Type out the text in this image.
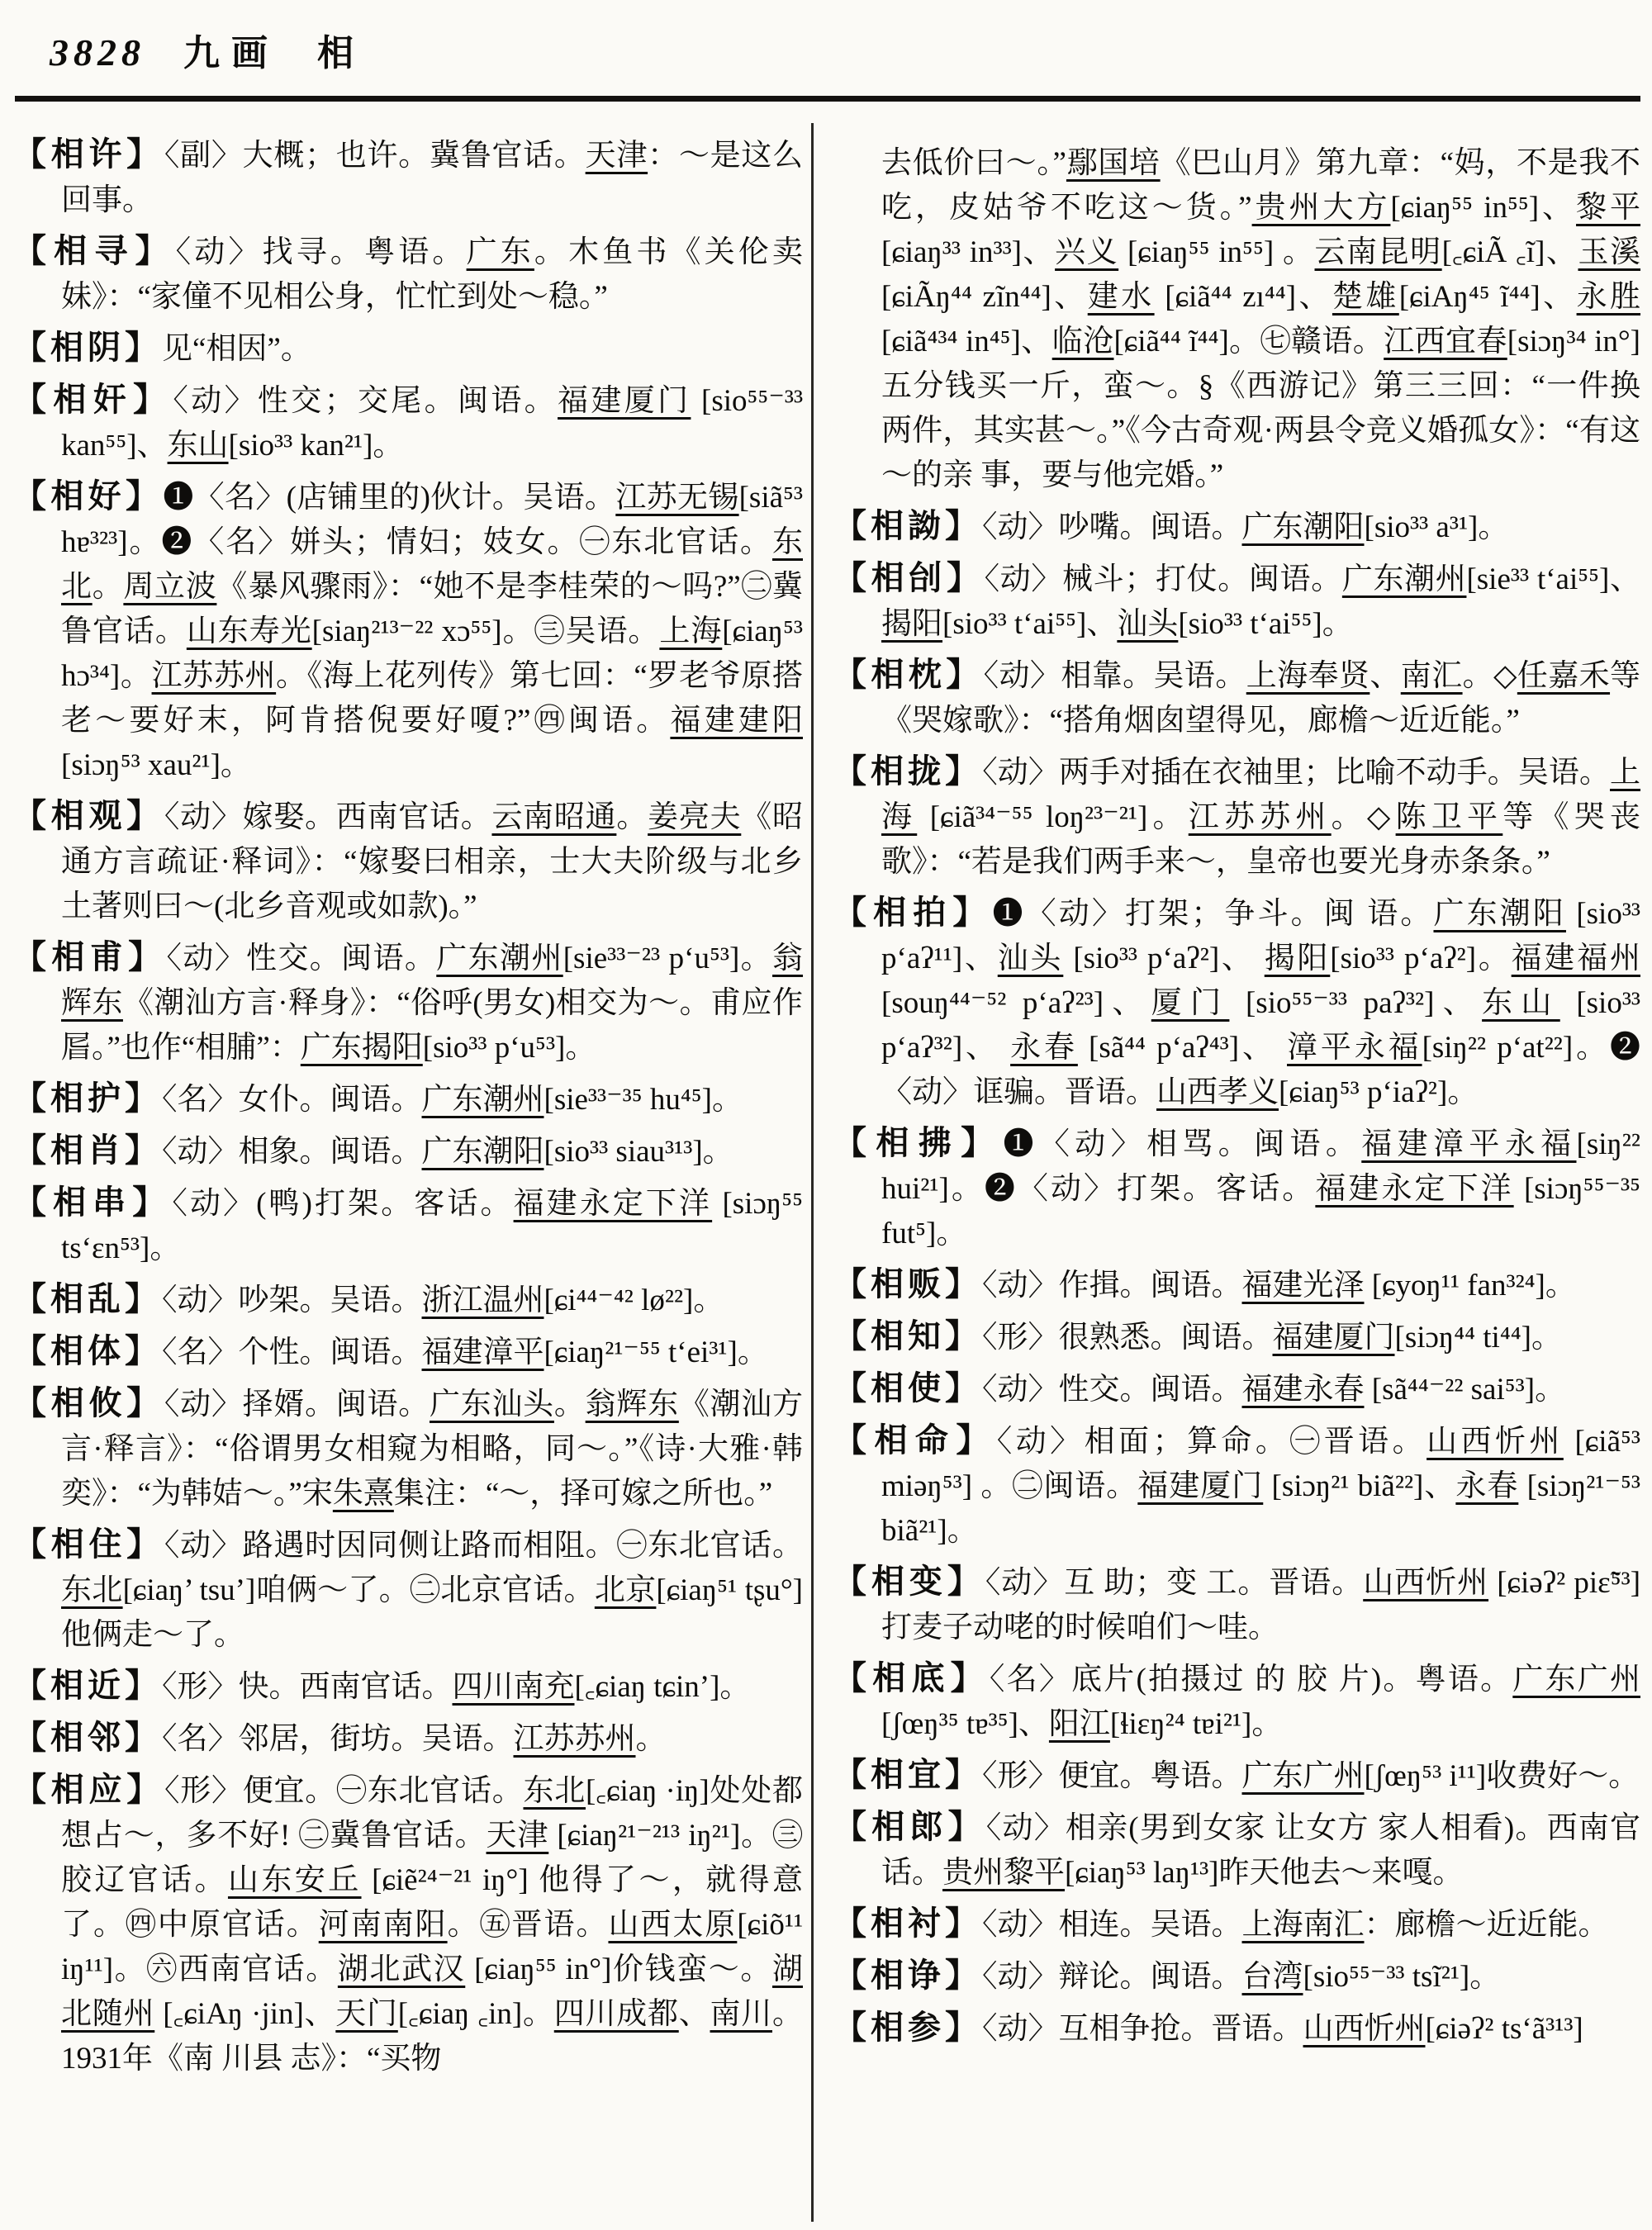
3828 九画 相
【相许】〈副〉大概；也许。冀鲁官话。天津：～是这么回事。
【相寻】〈动〉找寻。粤语。广东。木鱼书《关伦卖妹》：“家僮不见相公身，忙忙到处～稳。”
【相阴】见“相因”。
【相奸】〈动〉性交；交尾。闽语。福建厦门 [sio⁵⁵⁻³³ kan⁵⁵]、东山[sio³³ kan²¹]。
【相好】❶〈名〉(店铺里的)伙计。吴语。江苏无锡[siã⁵³ hɐ³²³]。❷〈名〉姘头；情妇；妓女。㊀东北官话。东北。周立波《暴风骤雨》：“她不是李桂荣的～吗?”㊁冀鲁官话。山东寿光[siaŋ²¹³⁻²² xɔ⁵⁵]。㊂吴语。上海[ɕiaŋ⁵³ hɔ³⁴]。江苏苏州。《海上花列传》第七回：“罗老爷原搭老～要好末，阿肯搭倪要好嗄?”㊃闽语。福建建阳[siɔŋ⁵³ xau²¹]。
【相观】〈动〉嫁娶。西南官话。云南昭通。姜亮夫《昭通方言疏证·释词》：“嫁娶曰相亲，士大夫阶级与北乡土著则曰～(北乡音观或如款)。”
【相甫】〈动〉性交。闽语。广东潮州[sie³³⁻²³ p‘u⁵³]。翁辉东《潮汕方言·释身》：“俗呼(男女)相交为～。甫应作㞓。”也作“相脯”：广东揭阳[sio³³ p‘u⁵³]。
【相护】〈名〉女仆。闽语。广东潮州[sie³³⁻³⁵ hu⁴⁵]。
【相肖】〈动〉相象。闽语。广东潮阳[sio³³ siau³¹³]。
【相串】〈动〉(鸭)打架。客话。福建永定下洋 [siɔŋ⁵⁵ ts‘ɛn⁵³]。
【相乱】〈动〉吵架。吴语。浙江温州[ɕi⁴⁴⁻⁴² lø²²]。
【相体】〈名〉个性。闽语。福建漳平[ɕiaŋ²¹⁻⁵⁵ t‘ei³¹]。
【相攸】〈动〉择婿。闽语。广东汕头。翁辉东《潮汕方言·释言》：“俗谓男女相窥为相略，同～。”《诗·大雅·韩奕》：“为韩姞～。”宋朱熹集注：“～，择可嫁之所也。”
【相住】〈动〉路遇时因同侧让路而相阻。㊀东北官话。东北[ɕiaŋ’ tsu’]咱俩～了。㊁北京官话。北京[ɕiaŋ⁵¹ tʂu°]他俩走～了。
【相近】〈形〉快。西南官话。四川南充[꜀ɕiaŋ tɕin’]。
【相邻】〈名〉邻居，街坊。吴语。江苏苏州。
【相应】〈形〉便宜。㊀东北官话。东北[꜀ɕiaŋ ·iŋ]处处都想占～，多不好! ㊁冀鲁官话。天津 [ɕiaŋ²¹⁻²¹³ iŋ²¹]。㊂胶辽官话。山东安丘 [ɕiẽ²⁴⁻²¹ iŋ°] 他得了～，就得意了。㊃中原官话。河南南阳。㊄晋语。山西太原[ɕiõ¹¹ iŋ¹¹]。㊅西南官话。湖北武汉 [ɕiaŋ⁵⁵ in°]价钱蛮～。湖北随州 [꜀ɕiAŋ ·jin]、天门[꜀ɕiaŋ ꜀in]。四川成都、南川。1931年《南 川县 志》：“买物
去低价曰～。”鄢国培《巴山月》第九章：“妈，不是我不吃，皮姑爷不吃这～货。”贵州大方[ɕiaŋ⁵⁵ in⁵⁵]、黎平 [ɕiaŋ³³ in³³]、兴义 [ɕiaŋ⁵⁵ in⁵⁵] 。云南昆明[꜀ɕiÃ ꜀ĩ]、玉溪[ɕiÃŋ⁴⁴ zĩn⁴⁴]、建水 [ɕiã⁴⁴ zı⁴⁴]、楚雄[ɕiAŋ⁴⁵ ĩ⁴⁴]、永胜[ɕiã⁴³⁴ in⁴⁵]、临沧[ɕiã⁴⁴ ĩ⁴⁴]。㊆赣语。江西宜春[siɔŋ³⁴ in°]五分钱买一斤，蛮～。§《西游记》第三三回：“一件换两件，其实甚～。”《今古奇观·两县令竞义婚孤女》：“有这～的亲 事，要与他完婚。”
【相詏】〈动〉吵嘴。闽语。广东潮阳[sio³³ a³¹]。
【相刣】〈动〉械斗；打仗。闽语。广东潮州[sie³³ t‘ai⁵⁵]、揭阳[sio³³ t‘ai⁵⁵]、汕头[sio³³ t‘ai⁵⁵]。
【相枕】〈动〉相靠。吴语。上海奉贤、南汇。◇任嘉禾等《哭嫁歌》：“搭角烟囱望得见，廊檐～近近能。”
【相拢】〈动〉两手对插在衣袖里；比喻不动手。吴语。上海 [ɕiã³⁴⁻⁵⁵ loŋ²³⁻²¹]。江苏苏州。◇陈卫平等《哭丧歌》：“若是我们两手来～，皇帝也要光身赤条条。”
【相拍】❶〈动〉打架；争斗。闽 语。广东潮阳 [sio³³ p‘aʔ¹¹]、汕头 [sio³³ p‘aʔ²]、 揭阳[sio³³ p‘aʔ²]。福建福州[souŋ⁴⁴⁻⁵² p‘aʔ²³]、厦门 [sio⁵⁵⁻³³ paʔ³²]、东山 [sio³³ p‘aʔ³²]、 永春 [sã⁴⁴ p‘aʔ⁴³]、 漳平永福[siŋ²² p‘at²²]。❷〈动〉诓骗。晋语。山西孝义[ɕiaŋ⁵³ p‘iaʔ²]。
【相拂】❶〈动〉相骂。闽语。福建漳平永福[siŋ²² hui²¹]。❷〈动〉打架。客话。福建永定下洋 [siɔŋ⁵⁵⁻³⁵ fut⁵]。
【相贩】〈动〉作揖。闽语。福建光泽 [ɕyoŋ¹¹ fan³²⁴]。
【相知】〈形〉很熟悉。闽语。福建厦门[siɔŋ⁴⁴ ti⁴⁴]。
【相使】〈动〉性交。闽语。福建永春 [sã⁴⁴⁻²² sai⁵³]。
【相命】〈动〉相面；算命。㊀晋语。山西忻州 [ɕiã⁵³ miəŋ⁵³] 。㊁闽语。福建厦门 [siɔŋ²¹ biã²²]、永春 [siɔŋ²¹⁻⁵³ biã²¹]。
【相变】〈动〉互 助；变 工。晋语。山西忻州 [ɕiəʔ² piɛ̃⁵³]打麦子动咾的时候咱们～哇。
【相底】〈名〉底片(拍摄过 的 胶 片)。粤语。广东广州[ʃœŋ³⁵ tɐ³⁵]、阳江[ɬiɛŋ²⁴ tɐi²¹]。
【相宜】〈形〉便宜。粤语。广东广州[ʃœŋ⁵³ i¹¹]收费好～。
【相郎】〈动〉相亲(男到女家 让女方 家人相看)。西南官话。贵州黎平[ɕiaŋ⁵³ laŋ¹³]昨天他去～来嘎。
【相衬】〈动〉相连。吴语。上海南汇：廊檐～近近能。
【相诤】〈动〉辩论。闽语。台湾[sio⁵⁵⁻³³ tsĩ²¹]。
【相参】〈动〉互相争抢。晋语。山西忻州[ɕiəʔ² ts‘ã³¹³]
